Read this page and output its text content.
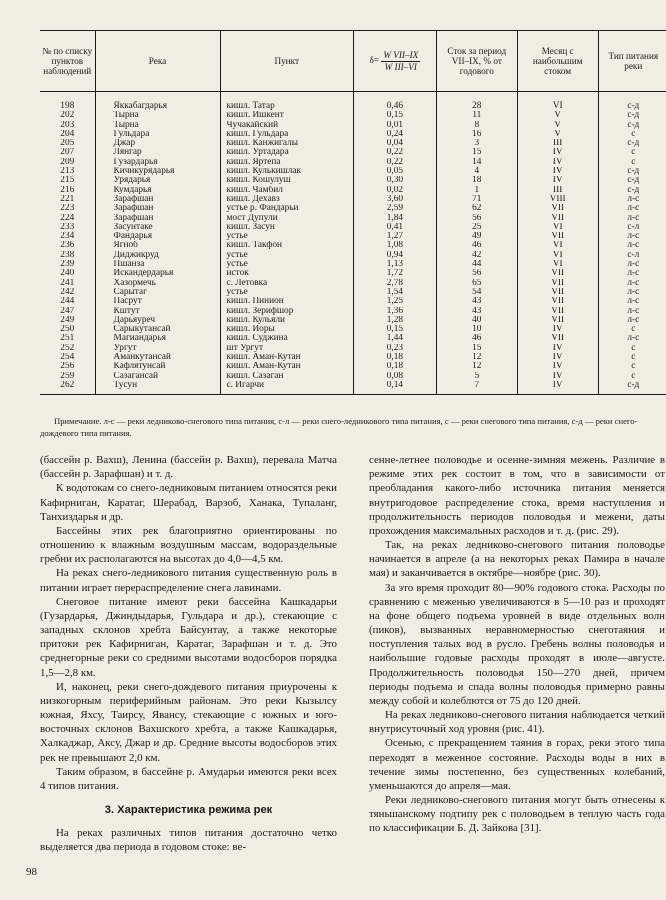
№ по списку пунктов наблюдений	Река	Пункт	$\delta= \frac{\text{W VII–IX}}{\text{W III–VI}}$	Сток за период VII–IX, % от годового	Месяц с наибольшим стоком	Тип питания реки
198	Яккабагдарья	кишл. Татар	0,46	28	VI	с-д
202	Тырна	кишл. Ишкент	0,15	11	V	с-д
203	Тырна	Чучакайский	0,01	8	V	с-д
204	Гульдара	кишл. Гульдара	0,24	16	V	с
205	Джар	кишл. Канжигалы	0,04	3	III	с-д
207	Лянгар	кишл. Уртадара	0,22	15	IV	с
209	Гузардарья	кишл. Яртепа	0,22	14	IV	с
213	Кичикурядарья	кишл. Кулькишлак	0,05	4	IV	с-д
215	Урядарья	кишл. Кошулуш	0,30	18	IV	с-д
216	Кумдарья	кишл. Чамбил	0,02	1	III	с-д
221	Зарафшан	кишл. Дехавз	3,60	71	VIII	л-с
223	Зарафшан	устье р. Фандарьи	2,59	62	VII	л-с
224	Зарафшан	мост Дупули	1,84	56	VII	л-с
233	Засунтаке	кишл. Засун	0,41	25	VI	с-л
234	Фандарья	устье	1,27	49	VII	л-с
236	Ягноб	кишл. Такфон	1,08	46	VI	л-с
238	Диджикруд	устье	0,94	42	VI	с-л
239	Пшанза	устье	1,13	44	VI	л-с
240	Искандердарья	исток	1,72	56	VII	л-с
241	Хазормечь	с. Летовка	2,78	65	VII	л-с
242	Сарытаг	устье	1,54	54	VII	л-с
244	Пасрут	кишл. Пинион	1,25	43	VII	л-с
247	Кштут	кишл. Зерифшор	1,36	43	VII	л-с
249	Дарьяуреч	кишл. Кульяли	1,28	40	VII	л-с
250	Сарыкутансай	кишл. Иоры	0,15	10	IV	с
251	Магиандарья	кишл. Суджина	1,44	46	VII	л-с
252	Ургут	шт Ургут	0,23	15	IV	с
254	Аманкутансай	кишл. Аман-Кутан	0,18	12	IV	с
256	Кафлятунсай	кишл. Аман-Кутан	0,18	12	IV	с
259	Сазагансай	кишл. Сазаган	0,08	5	IV	с
262	Тусун	с. Игарчи	0,14	7	IV	с-д
Примечание. л-с — реки ледниково-снегового типа питания, с-л — реки снего-ледникового типа питания, с — реки снегового типа питания, с-д — реки снего-дождевого типа питания.

(бассейн р. Вахш), Ленина (бассейн р. Вахш), перевала Матча (бассейн р. Зарафшан) и т. д.

К водотокам со снего-ледниковым питанием относятся реки Кафирниган, Каратаг, Шерабад, Варзоб, Ханака, Тупаланг, Танхиздарья и др.

Бассейны этих рек благоприятно ориентированы по отношению к влажным воздушным массам, водораздельные гребни их располагаются на высотах до 4,0—4,5 км.

На реках снего-ледникового питания существенную роль в питании играет перераспределение снега лавинами.

Снеговое питание имеют реки бассейна Кашкадарьи (Гузардарья, Джиндыдарья, Гульдара и др.), стекающие с западных склонов хребта Байсунтау, а также некоторые притоки рек Кафирниган, Каратаг, Зарафшан и т. д. Это среднегорные реки со средними высотами водосборов порядка 1,5—2,8 км.

И, наконец, реки снего-дождевого питания приурочены к низкогорным периферийным районам. Это реки Кызылсу южная, Яхсу, Таирсу, Явансу, стекающие с южных и юго-восточных склонов Вахшского хребта, а также Кашкадарья, Халкаджар, Аксу, Джар и др. Средние высоты водосборов этих рек не превышают 2,0 км.

Таким образом, в бассейне р. Амударьи имеются реки всех 4 типов питания.

3. Характеристика режима рек

На реках различных типов питания достаточно четко выделяется два периода в годовом стоке: ве-

сенне-летнее половодье и осенне-зимняя межень. Различие в режиме этих рек состоит в том, что в зависимости от преобладания какого-либо источника питания меняется внутригодовое распределение стока, время наступления и продолжительность периодов половодья и межени, даты прохождения максимальных расходов и т. д. (рис. 29).

Так, на реках ледниково-снегового питания половодье начинается в апреле (а на некоторых реках Памира в начале мая) и заканчивается в октябре—ноябре (рис. 30).

За это время проходит 80—90% годового стока. Расходы по сравнению с меженью увеличиваются в 5—10 раз и проходят на фоне общего подъема уровней в виде отдельных волн (пиков), вызванных неравномерностью снеготаяния и поступления талых вод в русло. Гребень волны половодья и наибольшие годовые расходы проходят в июле—августе. Продолжительность половодья 150—270 дней, причем периоды подъема и спада волны половодья примерно равны между собой и колеблются от 75 до 120 дней.

На реках ледниково-снегового питания наблюдается четкий внутрисуточный ход уровня (рис. 41).

Осенью, с прекращением таяния в горах, реки этого типа переходят в меженное состояние. Расходы воды в них в течение зимы постепенно, без существенных колебаний, уменьшаются до апреля—мая.

Реки ледниково-снегового питания могут быть отнесены к тяньшанскому подтипу рек с половодьем в теплую часть года по классификации Б. Д. Зайкова [31].

98
